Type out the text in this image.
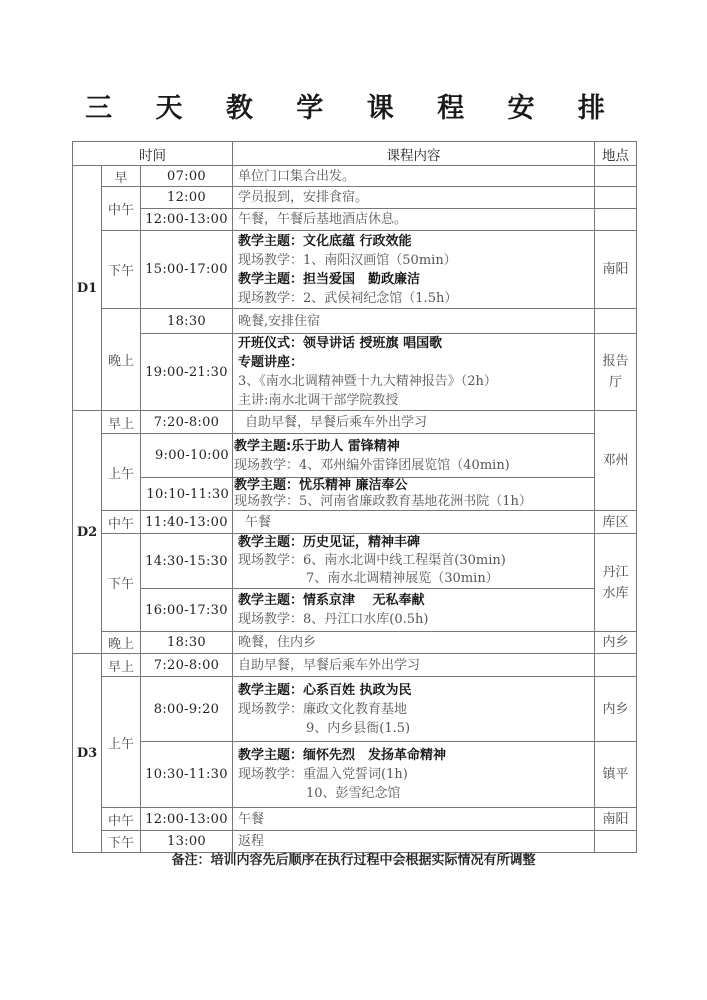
三 天 教 学 课 程 安 排
时间			课程内容	地点
D1	早	07:00	单位门口集合出发。	

	中午	12:00	学员报到，安排食宿。	

		12:00-13:00	午餐，午餐后基地酒店休息。	

	下午	15:00-17:00	教学主题：文化底蕴 行政效能
现场教学：1、南阳汉画馆（50min）
教学主题：担当爱国　勤政廉洁
现场教学：2、武侯祠纪念馆（1.5h）	南阳
	晚上	18:30	晚餐,安排住宿	

		19:00-21:30	开班仪式：领导讲话 授班旗 唱国歌
专题讲座：
3、《南水北调精神暨十九大精神报告》（2h）
主讲:南水北调干部学院教授	报告厅
D2	早上	7:20-8:00	自助早餐，早餐后乘车外出学习	邓州
	上午	9:00-10:00	教学主题:乐于助人 雷锋精神
现场教学：4、邓州编外雷锋团展览馆（40min)	

		10:10-11:30	教学主题：忧乐精神 廉洁奉公
现场教学：5、河南省廉政教育基地花洲书院（1h）	

	中午	11:40-13:00	午餐	库区
	下午	14:30-15:30	教学主题：历史见证，精神丰碑
现场教学：6、南水北调中线工程渠首(30min)
7、南水北调精神展览（30min）	丹江水库
		16:00-17:30	教学主题：情系京津　 无私奉献
现场教学：8、丹江口水库(0.5h)	

	晚上	18:30	晚餐，住内乡	内乡
D3	早上	7:20-8:00	自助早餐，早餐后乘车外出学习	

	上午	8:00-9:20	教学主题：心系百姓 执政为民
现场教学：廉政文化教育基地
9、内乡县衙(1.5)	内乡
		10:30-11:30	教学主题：缅怀先烈　发扬革命精神
现场教学：重温入党誓词(1h)
10、彭雪纪念馆	镇平
	中午	12:00-13:00	午餐	南阳
	下午	13:00	返程	

备注：培训内容先后顺序在执行过程中会根据实际情况有所调整
